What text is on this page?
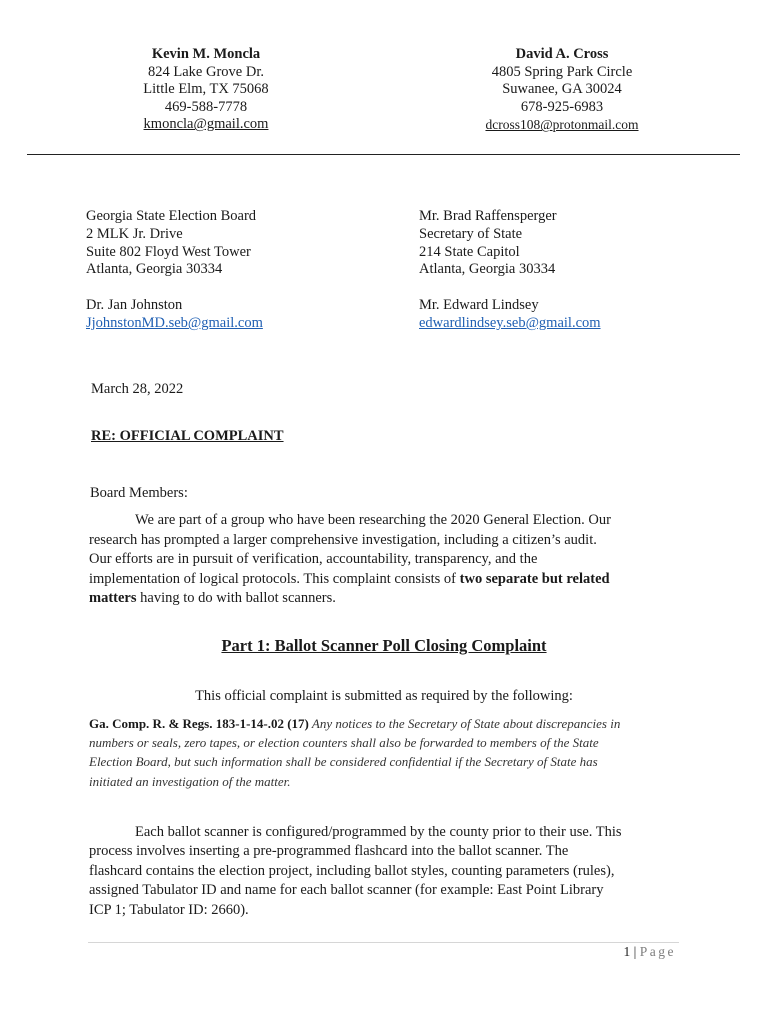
Kevin M. Moncla
824 Lake Grove Dr.
Little Elm, TX 75068
469-588-7778
kmoncla@gmail.com
David A. Cross
4805 Spring Park Circle
Suwanee, GA 30024
678-925-6983
dcross108@protonmail.com
Georgia State Election Board
2 MLK Jr. Drive
Suite 802 Floyd West Tower
Atlanta, Georgia 30334
Dr. Jan Johnston
JjohnstonMD.seb@gmail.com
Mr. Brad Raffensperger
Secretary of State
214 State Capitol
Atlanta, Georgia 30334
Mr. Edward Lindsey
edwardlindsey.seb@gmail.com
March 28, 2022
RE: OFFICIAL COMPLAINT
Board Members:
We are part of a group who have been researching the 2020 General Election. Our
research has prompted a larger comprehensive investigation, including a citizen’s audit.
Our efforts are in pursuit of verification, accountability, transparency, and the
implementation of logical protocols. This complaint consists of two separate but related
matters having to do with ballot scanners.
Part 1: Ballot Scanner Poll Closing Complaint
This official complaint is submitted as required by the following:
Ga. Comp. R. & Regs. 183-1-14-.02 (17) Any notices to the Secretary of State about discrepancies in
numbers or seals, zero tapes, or election counters shall also be forwarded to members of the State
Election Board, but such information shall be considered confidential if the Secretary of State has
initiated an investigation of the matter.
Each ballot scanner is configured/programmed by the county prior to their use. This
process involves inserting a pre-programmed flashcard into the ballot scanner. The
flashcard contains the election project, including ballot styles, counting parameters (rules),
assigned Tabulator ID and name for each ballot scanner (for example: East Point Library
ICP 1; Tabulator ID: 2660).
1 | Page
